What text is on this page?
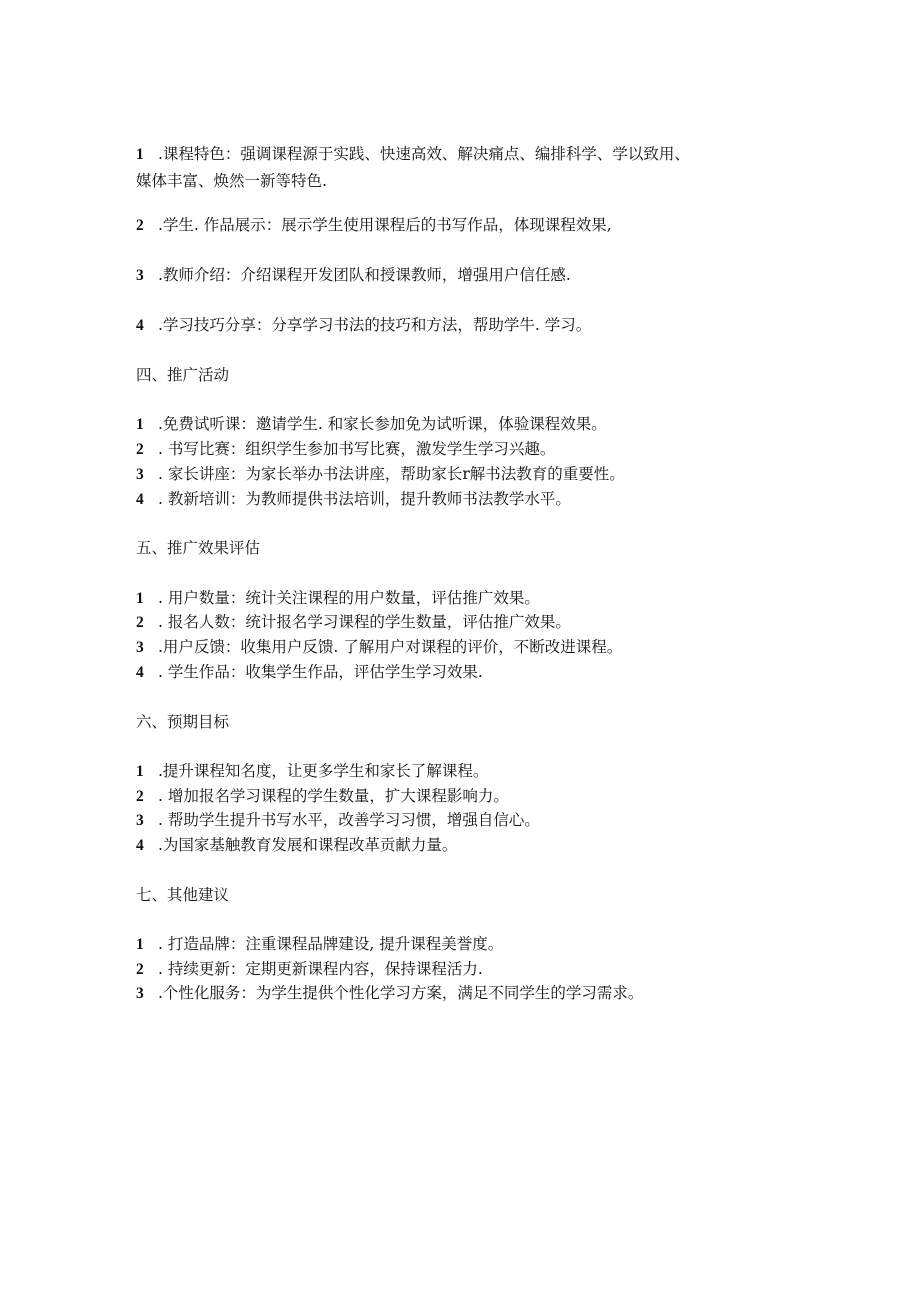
1 .课程特色：强调课程源于实践、快速高效、解决痛点、编排科学、学以致用、
媒体丰富、焕然一新等特色.
2 .学生. 作品展示：展示学生使用课程后的书写作品，体现课程效果,
3 .教师介绍：介绍课程开发团队和授课教师，增强用户信任感.
4 .学习技巧分享：分享学习书法的技巧和方法，帮助学牛. 学习。
四、推广活动
1 .免费试听课：邀请学生. 和家长参加免为试听课，体验课程效果。
2 . 书写比赛：组织学生参加书写比赛，激发学生学习兴趣。
3 . 家长讲座：为家长举办书法讲座，帮助家长r解书法教育的重要性。
4 . 教新培训：为教师提供书法培训，提升教师书法教学水平。
五、推广效果评估
1 . 用户数量：统计关注课程的用户数量，评估推广效果。
2 . 报名人数：统计报名学习课程的学生数量，评估推广效果。
3 .用户反馈：收集用户反馈. 了解用户对课程的评价，不断改进课程。
4 . 学生作品：收集学生作品，评估学生学习效果.
六、预期目标
1 .提升课程知名度，让更多学生和家长了解课程。
2 . 增加报名学习课程的学生数量，扩大课程影响力。
3 . 帮助学生提升书写水平，改善学习习惯，增强自信心。
4 .为国家基触教育发展和课程改革贡献力量。
七、其他建议
1 . 打造品牌：注重课程品牌建设, 提升课程美誉度。
2 . 持续更新：定期更新课程内容，保持课程活力.
3 .个性化服务：为学生提供个性化学习方案，满足不同学生的学习需求。
